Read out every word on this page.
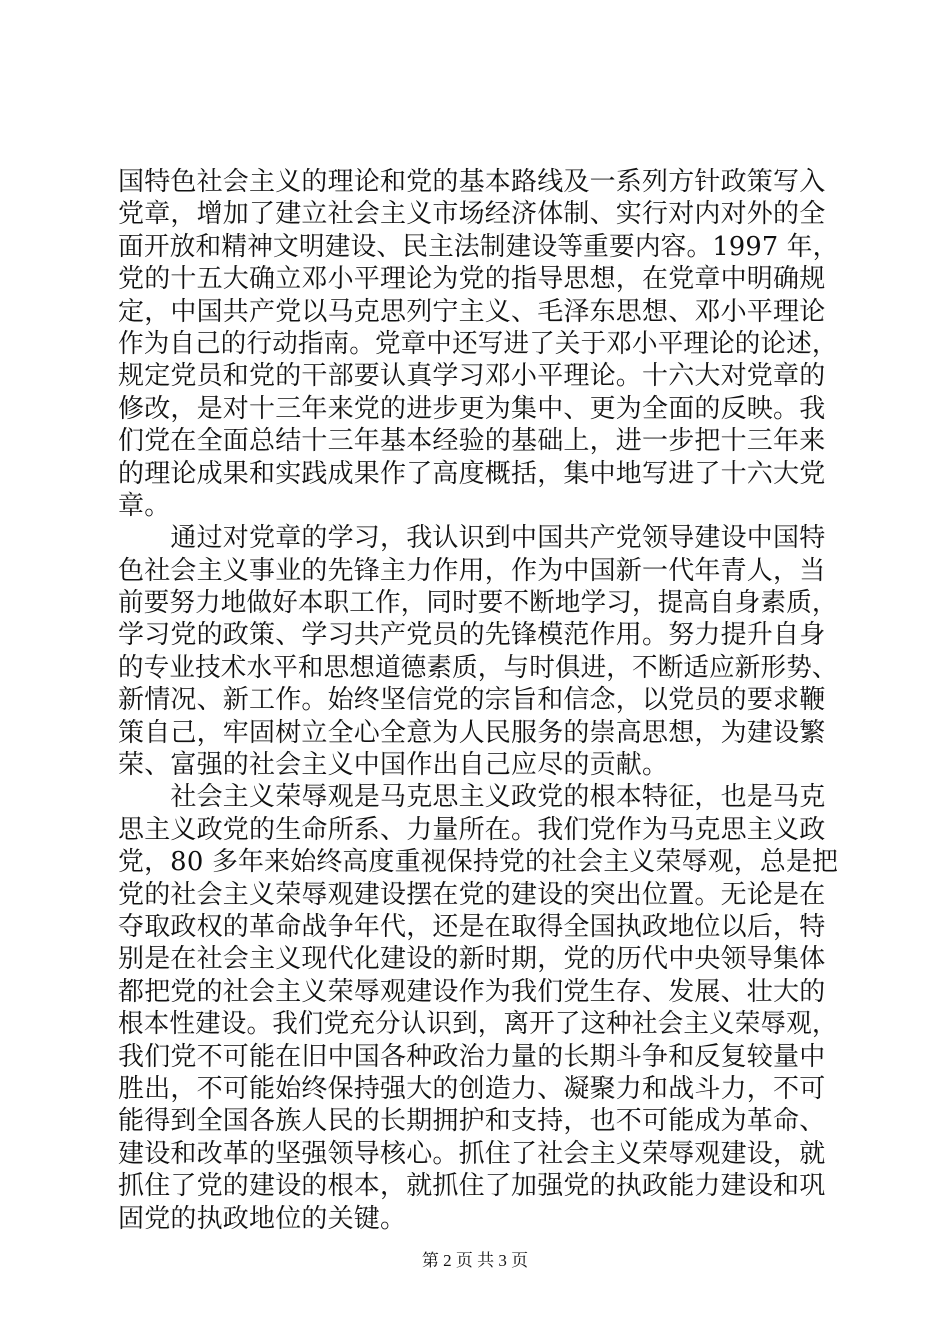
国特色社会主义的理论和党的基本路线及一系列方针政策写入
党章，增加了建立社会主义市场经济体制、实行对内对外的全
面开放和精神文明建设、民主法制建设等重要内容。1997 年，
党的十五大确立邓小平理论为党的指导思想，在党章中明确规
定，中国共产党以马克思列宁主义、毛泽东思想、邓小平理论
作为自己的行动指南。党章中还写进了关于邓小平理论的论述，
规定党员和党的干部要认真学习邓小平理论。十六大对党章的
修改，是对十三年来党的进步更为集中、更为全面的反映。我
们党在全面总结十三年基本经验的基础上，进一步把十三年来
的理论成果和实践成果作了高度概括，集中地写进了十六大党
章。
　　通过对党章的学习，我认识到中国共产党领导建设中国特
色社会主义事业的先锋主力作用，作为中国新一代年青人，当
前要努力地做好本职工作，同时要不断地学习，提高自身素质，
学习党的政策、学习共产党员的先锋模范作用。努力提升自身
的专业技术水平和思想道德素质，与时俱进，不断适应新形势、
新情况、新工作。始终坚信党的宗旨和信念，以党员的要求鞭
策自己，牢固树立全心全意为人民服务的崇高思想，为建设繁
荣、富强的社会主义中国作出自己应尽的贡献。
　　社会主义荣辱观是马克思主义政党的根本特征，也是马克
思主义政党的生命所系、力量所在。我们党作为马克思主义政
党，80 多年来始终高度重视保持党的社会主义荣辱观，总是把
党的社会主义荣辱观建设摆在党的建设的突出位置。无论是在
夺取政权的革命战争年代，还是在取得全国执政地位以后，特
别是在社会主义现代化建设的新时期，党的历代中央领导集体
都把党的社会主义荣辱观建设作为我们党生存、发展、壮大的
根本性建设。我们党充分认识到，离开了这种社会主义荣辱观，
我们党不可能在旧中国各种政治力量的长期斗争和反复较量中
胜出，不可能始终保持强大的创造力、凝聚力和战斗力，不可
能得到全国各族人民的长期拥护和支持，也不可能成为革命、
建设和改革的坚强领导核心。抓住了社会主义荣辱观建设，就
抓住了党的建设的根本，就抓住了加强党的执政能力建设和巩
固党的执政地位的关键。
第 2 页 共 3 页
